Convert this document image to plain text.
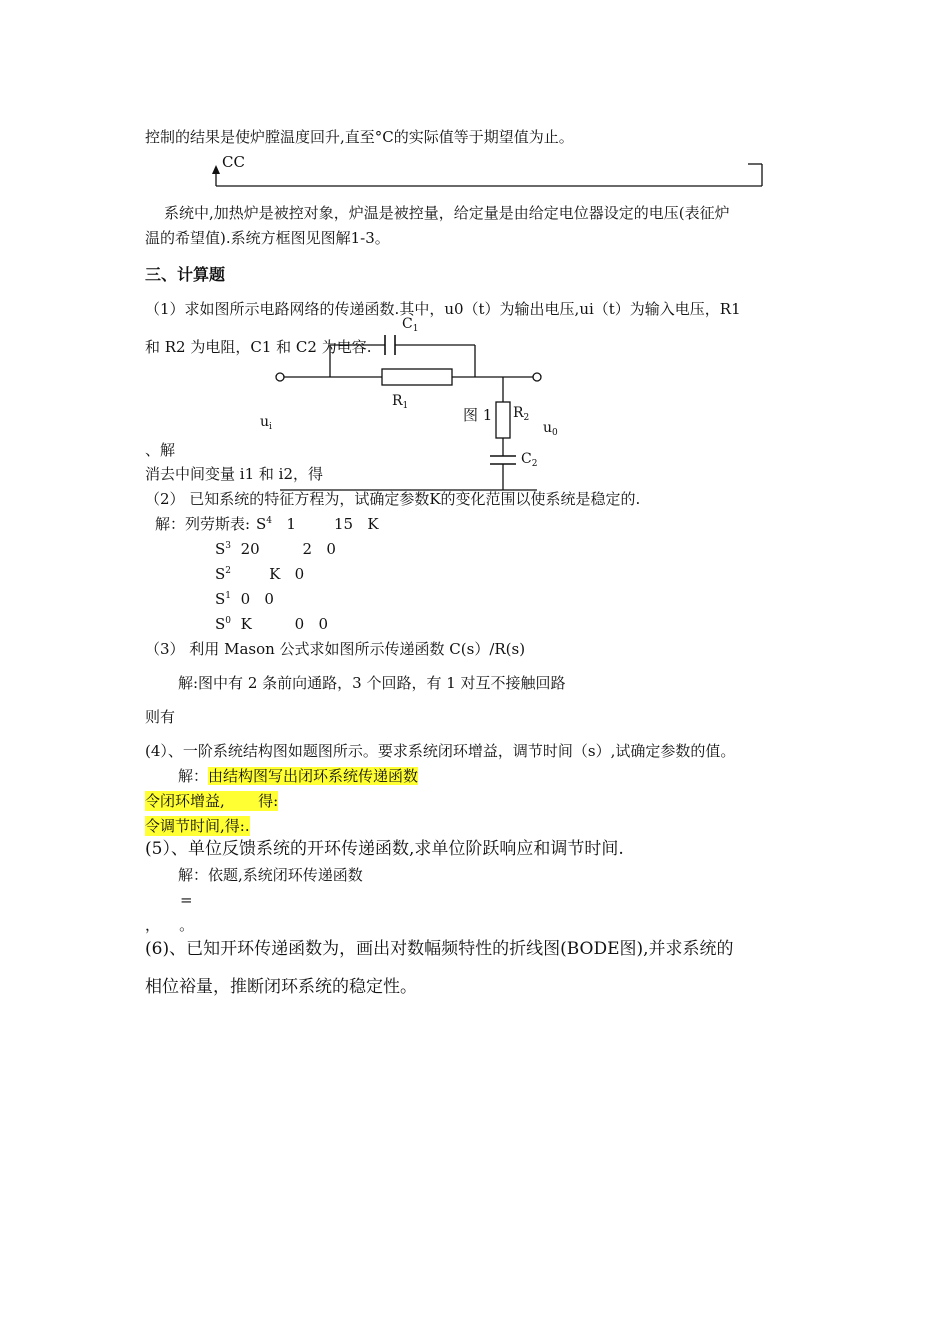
控制的结果是使炉膛温度回升,直至°C的实际值等于期望值为止。
CC
系统中,加热炉是被控对象，炉温是被控量，给定量是由给定电位器设定的电压(表征炉
温的希望值).系统方框图见图解1-3。
三、计算题
（1）求如图所示电路网络的传递函数.其中，u0（t）为输出电压,ui（t）为输入电压，R1
和 R2 为电阻，C1 和 C2 为电容.
$C_1$
$R_1$	图 1 $R_2$
$u_i$	$u_0$
$C_2$
、解
消去中间变量 i1 和 i2，得
（2） 已知系统的特征方程为，试确定参数K的变化范围以使系统是稳定的.
解：列劳斯表: $S^4$ 1        15   K
$S^3$ 20         2   0
$S^2$        K   0
$S^1$ 0   0
$S^0$ K         0   0
（3） 利用 Mason 公式求如图所示传递函数 C(s）/R(s)
解:图中有 2 条前向通路，3 个回路，有 1 对互不接触回路
则有
(4）、一阶系统结构图如题图所示。要求系统闭环增益，调节时间（s）,试确定参数的值。
解：由结构图写出闭环系统传递函数
令闭环增益,       得:
令调节时间,得:.
(5）、单位反馈系统的开环传递函数,求单位阶跃响应和调节时间.
解：依题,系统闭环传递函数
=
，    。
(6)、已知开环传递函数为，画出对数幅频特性的折线图(BODE图),并求系统的
相位裕量，推断闭环系统的稳定性。
